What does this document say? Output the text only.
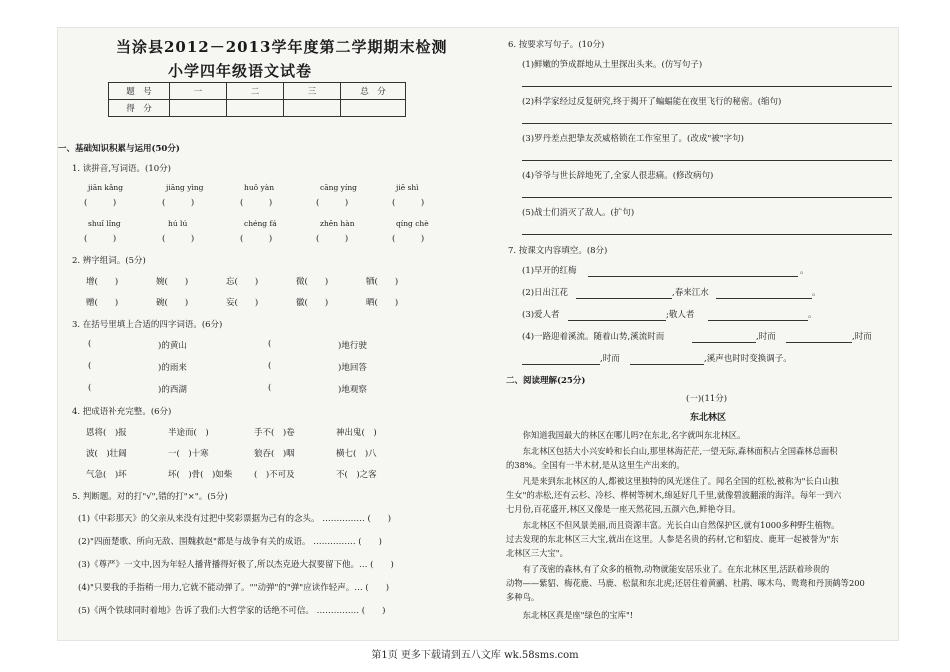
当涂县2012－2013学年度第二学期期末检测
小学四年级语文试卷
题　号	一	二	三	总　分
得　分				
一、基础知识积累与运用(50分)
1. 读拼音,写词语。(10分)
jiān kǎng	jiāng yìng	huǒ yàn	cāng yíng	jiē shì
(　　　)	(　　　)	(　　　)	(　　　)	(　　　)
shuǐ lǐng	hú lú	chéng fá	zhēn hàn	qíng chè
(　　　)	(　　　)	(　　　)	(　　　)	(　　　)
2. 辨字组词。(5分)
增(　　)	婉(　　)	忘(　　)	微(　　)	牺(　　)
赠(　　)	碗(　　)	妄(　　)	徽(　　)	晒(　　)
3. 在括号里填上合适的四字词语。(6分)
(	)的黄山	(	)地行驶
(	)的雨来	(	)地回答
(	)的西湖	(	)地观察
4. 把成语补充完整。(6分)
恩将(　)报	半途而(　)	手不(　)卷	神出鬼(　)
波(　)壮阔	一(　)十寒	狼吞(　)咽	横七(　)八
气急(　)坏	坏(　)骨(　)如柴	(　)不可及	不(　)之客
5. 判断题。对的打"√",错的打"×"。(5分)
(1)《中彩那天》的父亲从来没有过把中奖彩票据为己有的念头。 …………… (　　)
(2)"四面楚歌、所向无敌、围魏救赵"都是与战争有关的成语。 …………… (　　)
(3)《尊严》一文中,因为年轻人播背播得好极了,所以杰克逊大叔要留下他。… (　　)
(4)"只要我的手指稍一用力,它就不能动弹了。""动弹"的"弹"应读作轻声。… (　　)
(5)《两个铁球同时着地》告诉了我们:大哲学家的话绝不可信。 …………… (　　)
6. 按要求写句子。(10分)
(1)鲜嫩的笋成群地从土里探出头来。(仿写句子)
(2)科学家经过反复研究,终于揭开了蝙蝠能在夜里飞行的秘密。(缩句)
(3)罗丹差点把挚友茨威格锁在工作室里了。(改成"被"字句)
(4)爷爷与世长辞地死了,全家人很悲痛。(修改病句)
(5)战士们消灭了敌人。(扩句)
7. 按课文内容填空。(8分)
(1)早开的红梅	。
(2)日出江花	,春来江水	。
(3)爱人者	;敬人者	。
(4)一路迎着溪流。随着山势,溪流时而	,时而	,时而
,时而	,溪声也时时变换调子。
二、阅读理解(25分)
(一)(11分)
东北林区
　　你知道我国最大的林区在哪儿吗?在东北,名字就叫东北林区。
　　东北林区包括大小兴安岭和长白山,那里林海茫茫,一望无际,森林面积占全国森林总面积
的38%。全国有一半木材,是从这里生产出来的。
　　凡是来到东北林区的人,都被这里独特的风光迷住了。闻名全国的红松,被称为"长白山独
生女"的赤松,还有云杉、冷杉、桦树等树木,绵延好几千里,就像碧波翻滚的海洋。每年一到六
七月份,百花盛开,林区又像是一座天然花园,五颜六色,鲜艳夺目。
　　东北林区不但风景美丽,而且资源丰富。光长白山自然保护区,就有1000多种野生植物。
过去发现的东北林区三大宝,就出在这里。人参是名贵的药材,它和貂皮、鹿茸一起被誉为"东
北林区三大宝"。
　　有了茂密的森林,有了众多的植物,动物就能安居乐业了。在东北林区里,活跃着珍贵的
动物——紫貂、梅花鹿、马鹿、松鼠和东北虎;还居住着黄鹂、杜鹃、啄木鸟、鸳鸯和丹顶鹤等200
多种鸟。
　　东北林区真是座"绿色的宝库"!
第1页 更多下载请到五八文库 wk.58sms.com
